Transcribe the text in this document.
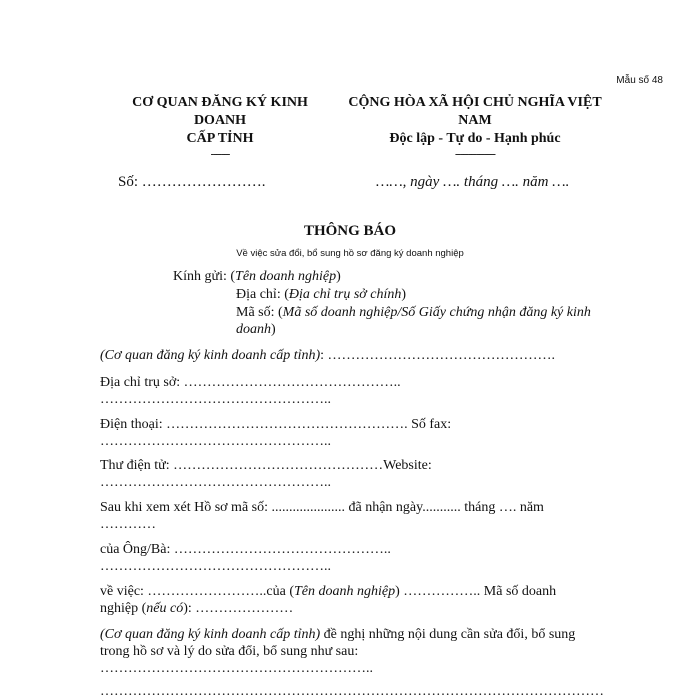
Mẫu số 48
CƠ QUAN ĐĂNG KÝ KINH
DOANH
CẤP TỈNH
-------
CỘNG HÒA XÃ HỘI CHỦ NGHĨA VIỆT
NAM
Độc lập - Tự do - Hạnh phúc
---------------
Số: …………………….	……, ngày …. tháng …. năm ….
THÔNG BÁO
Về việc sửa đổi, bổ sung hồ sơ đăng ký doanh nghiệp
Kính gửi: (Tên doanh nghiệp)
Địa chỉ: (Địa chỉ trụ sở chính)
Mã số: (Mã số doanh nghiệp/Số Giấy chứng nhận đăng ký kinh
doanh)
(Cơ quan đăng ký kinh doanh cấp tỉnh): ………………………………………….
Địa chỉ trụ sở: ………………………………………..
…………………………………………..
Điện thoại: ……………………………………………. Số fax:
…………………………………………..
Thư điện tử: ………………………………………Website:
…………………………………………..
Sau khi xem xét Hồ sơ mã số: ..................... đã nhận ngày........... tháng …. năm
…………
của Ông/Bà: ………………………………………..
…………………………………………..
về việc: ……………………..của (Tên doanh nghiệp) …………….. Mã số doanh
nghiệp (nếu có): …………………
(Cơ quan đăng ký kinh doanh cấp tỉnh) đề nghị những nội dung cần sửa đổi, bổ sung
trong hồ sơ và lý do sửa đổi, bổ sung như sau:
…………………………………………………..
………………………………………………………………………………………………
